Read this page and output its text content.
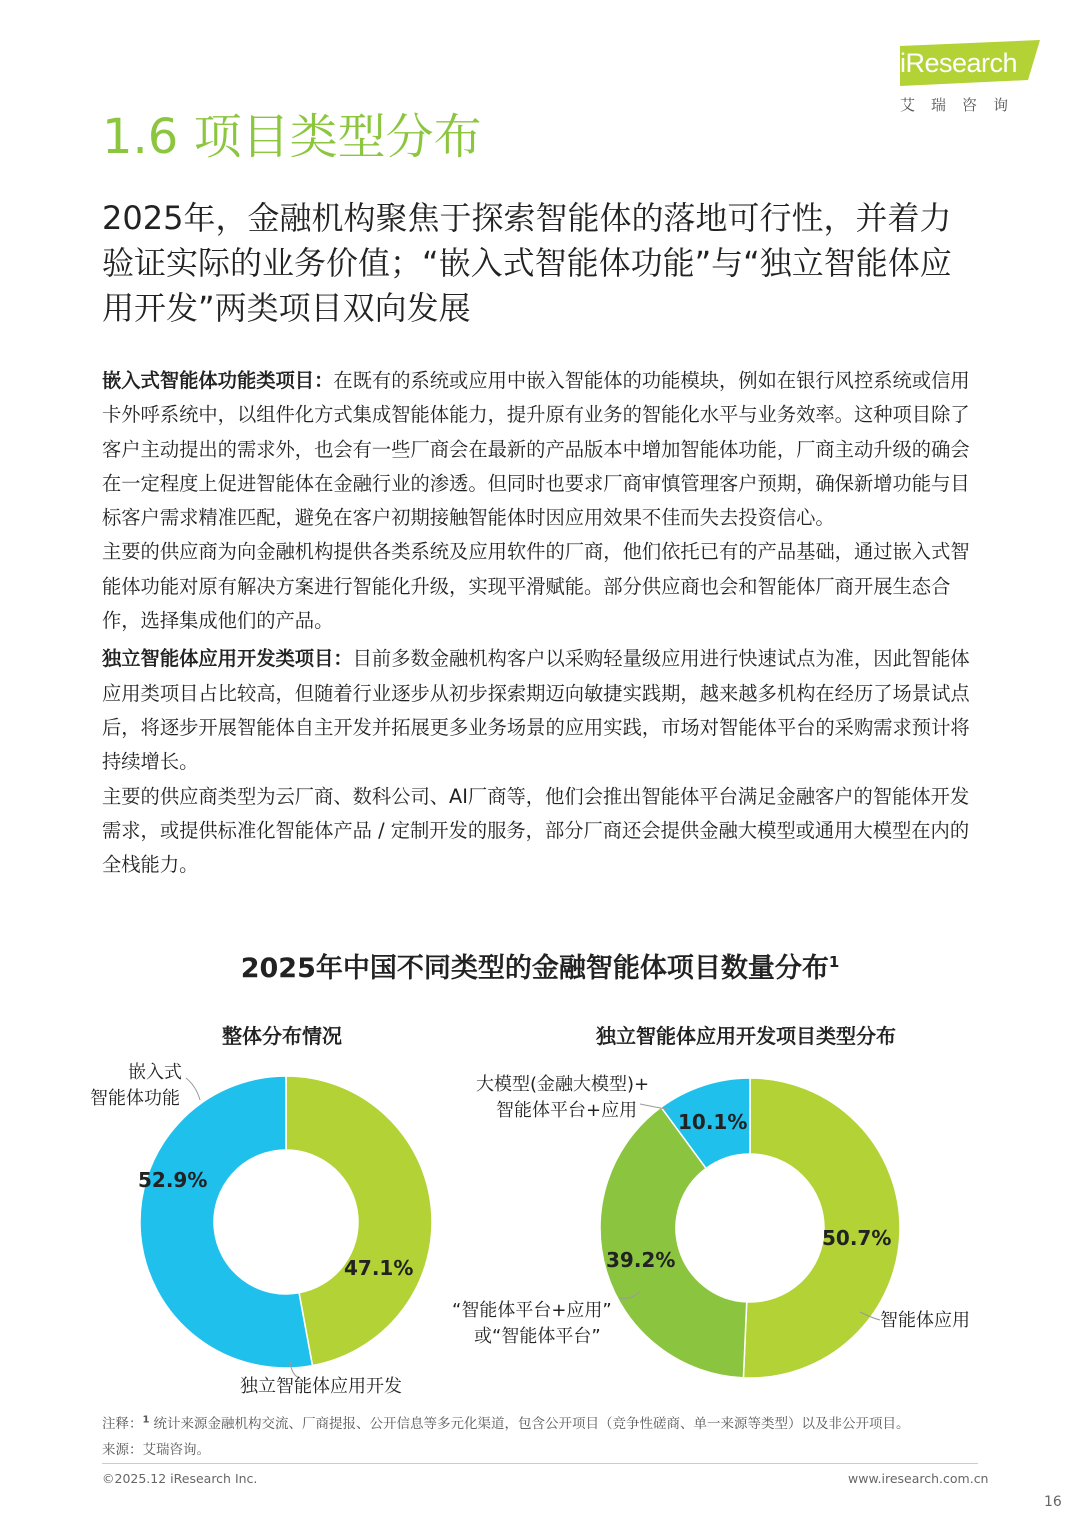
iResearch
艾瑞咨询
1.6 项目类型分布
2025年，金融机构聚焦于探索智能体的落地可行性，并着力验证实际的业务价值；“嵌入式智能体功能”与“独立智能体应用开发”两类项目双向发展

嵌入式智能体功能类项目：在既有的系统或应用中嵌入智能体的功能模块，例如在银行风控系统或信用卡外呼系统中，以组件化方式集成智能体能力，提升原有业务的智能化水平与业务效率。这种项目除了客户主动提出的需求外，也会有一些厂商会在最新的产品版本中增加智能体功能，厂商主动升级的确会在一定程度上促进智能体在金融行业的渗透。但同时也要求厂商审慎管理客户预期，确保新增功能与目标客户需求精准匹配，避免在客户初期接触智能体时因应用效果不佳而失去投资信心。

主要的供应商为向金融机构提供各类系统及应用软件的厂商，他们依托已有的产品基础，通过嵌入式智能体功能对原有解决方案进行智能化升级，实现平滑赋能。部分供应商也会和智能体厂商开展生态合作，选择集成他们的产品。

独立智能体应用开发类项目：目前多数金融机构客户以采购轻量级应用进行快速试点为准，因此智能体应用类项目占比较高，但随着行业逐步从初步探索期迈向敏捷实践期，越来越多机构在经历了场景试点后，将逐步开展智能体自主开发并拓展更多业务场景的应用实践，市场对智能体平台的采购需求预计将持续增长。

主要的供应商类型为云厂商、数科公司、AI厂商等，他们会推出智能体平台满足金融客户的智能体开发需求，或提供标准化智能体产品 / 定制开发的服务，部分厂商还会提供金融大模型或通用大模型在内的全栈能力。

2025年中国不同类型的金融智能体项目数量分布$^1$
整体分布情况	独立智能体应用开发项目类型分布
嵌入式
智能体功能
独立智能体应用开发
52.9%
47.1%
大模型(金融大模型)+
智能体平台+应用
“智能体平台+应用”
或“智能体平台”
智能体应用
10.1%
39.2%
50.7%
注释：$^1$ 统计来源金融机构交流、厂商提报、公开信息等多元化渠道，包含公开项目（竞争性磋商、单一来源等类型）以及非公开项目。
来源：艾瑞咨询。
©2025.12 iResearch Inc.	www.iresearch.com.cn
16
